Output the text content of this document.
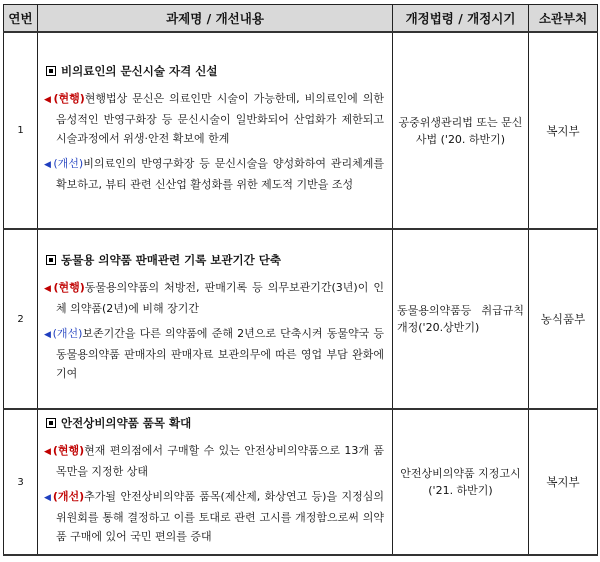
연번	과제명 / 개선내용	개정법령 / 개정시기	소관부처
1	비의료인의 문신시술 자격 신설
◀(현행)현행법상 문신은 의료인만 시술이 가능한데, 비의료인에 의한 음성적인 반영구화장 등 문신시술이 일반화되어 산업화가 제한되고 시술과정에서 위생·안전 확보에 한계
◀(개선)비의료인의 반영구화장 등 문신시술을 양성화하여 관리체계를 확보하고, 뷰티 관련 신산업 활성화를 위한 제도적 기반을 조성	공중위생관리법 또는 문신사법 ('20. 하반기)	복지부
2	동물용 의약품 판매관련 기록 보관기간 단축
◀(현행)동물용의약품의 처방전, 판매기록 등 의무보관기간(3년)이 인체 의약품(2년)에 비해 장기간
◀(개선)보존기간을 다른 의약품에 준해 2년으로 단축시켜 동물약국 등 동물용의약품 판매자의 판매자료 보관의무에 따른 영업 부담 완화에 기여	동물용의약품등 취급규칙 개정('20.상반기)	농식품부
3	안전상비의약품 품목 확대
◀(현행)현재 편의점에서 구매할 수 있는 안전상비의약품으로 13개 품목만을 지정한 상태
◀(개선)추가될 안전상비의약품 품목(제산제, 화상연고 등)을 지정심의위원회를 통해 결정하고 이를 토대로 관련 고시를 개정함으로써 의약품 구매에 있어 국민 편의를 증대	안전상비의약품 지정고시 ('21. 하반기)	복지부
